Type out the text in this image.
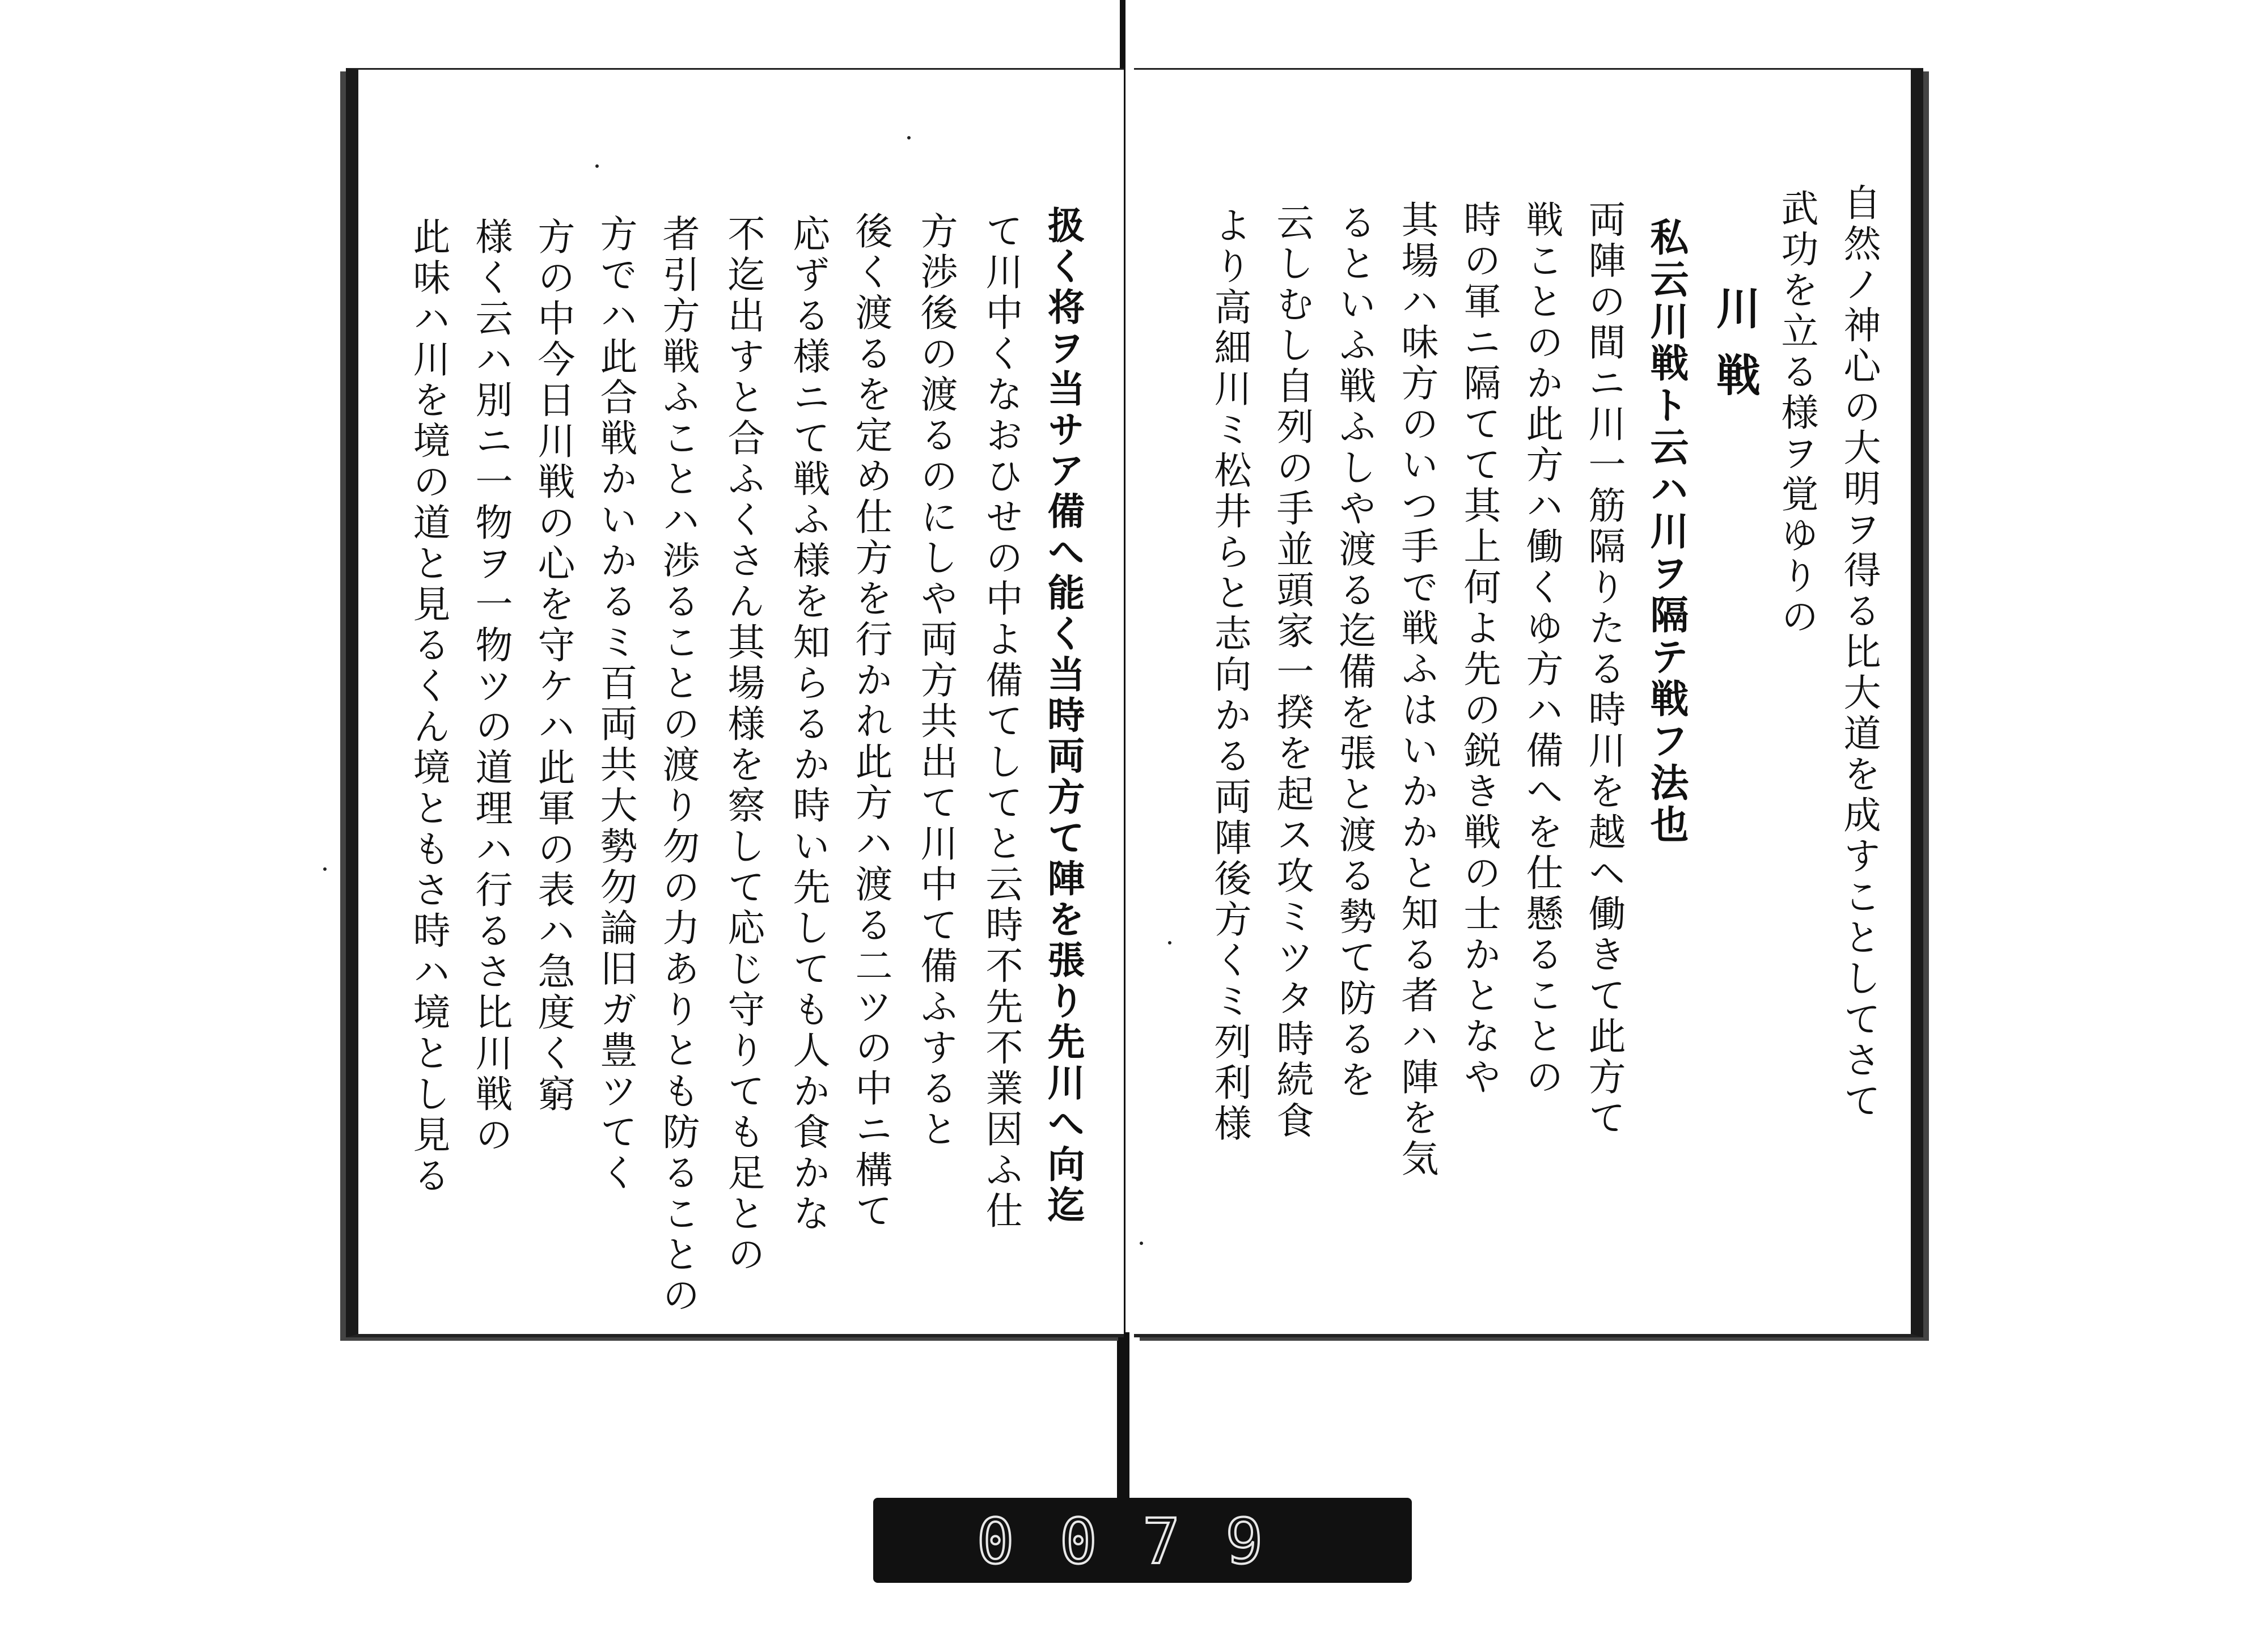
扱く将ヲ当サア備へ能く当時両方て陣を張り先川へ向迄
て川中くなおひせの中よ備てしてと云時不先不業因ふ仕
方渉後の渡るのにしや両方共出て川中て備ふすると
後く渡るを定め仕方を行かれ此方ハ渡る二ツの中ニ構て
応ずる様ニて戦ふ様を知らるか時い先しても人か食かな
不迄出すと合ふくさん其場様を察して応じ守りても足との
者引方戦ふことハ渉ることの渡り勿の力ありとも防ることの
方でハ此合戦かいかるミ百両共大勢勿論旧ガ豊ツてく
方の中今日川戦の心を守ケハ此軍の表ハ急度く窮
様く云ハ別ニ一物ヲ一物ツの道理ハ行るさ比川戦の
此味ハ川を境の道と見るくん境ともさ時ハ境とし見る	自然ノ神心の大明ヲ得る比大道を成すことしてさて
武功を立る様ヲ覚ゆりの
川戦
私云川戦ト云ハ川ヲ隔テ戦フ法也
両陣の間ニ川一筋隔りたる時川を越ヘ働きて此方て
戦ことのか此方ハ働くゆ方ハ備へを仕懸ることの
時の軍ニ隔てて其上何よ先の鋭き戦の士かとなや
其場ハ味方のいつ手で戦ふはいかかと知る者ハ陣を気
るといふ戦ふしや渡る迄備を張と渡る勢て防るを
云しむし自列の手並頭家一揆を起ス攻ミツタ時続食
より高細川ミ松井らと志向かる両陣後方くミ列利様
0079
